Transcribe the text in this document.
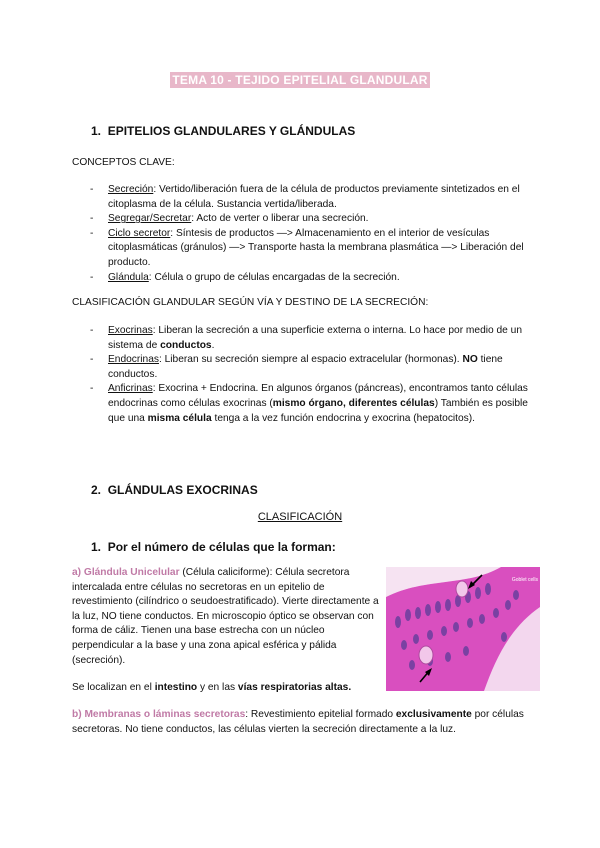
TEMA 10 - TEJIDO EPITELIAL GLANDULAR
1. EPITELIOS GLANDULARES Y GLÁNDULAS
CONCEPTOS CLAVE:
- Secreción: Vertido/liberación fuera de la célula de productos previamente sintetizados en el citoplasma de la célula. Sustancia vertida/liberada.
- Segregar/Secretar: Acto de verter o liberar una secreción.
- Ciclo secretor: Síntesis de productos —> Almacenamiento en el interior de vesículas citoplasmáticas (gránulos) —> Transporte hasta la membrana plasmática —> Liberación del producto.
- Glándula: Célula o grupo de células encargadas de la secreción.
CLASIFICACIÓN GLANDULAR SEGÚN VÍA Y DESTINO DE LA SECRECIÓN:
- Exocrinas: Liberan la secreción a una superficie externa o interna. Lo hace por medio de un sistema de conductos.
- Endocrinas: Liberan su secreción siempre al espacio extracelular (hormonas). NO tiene conductos.
- Anficrinas: Exocrina + Endocrina. En algunos órganos (páncreas), encontramos tanto células endocrinas como células exocrinas (mismo órgano, diferentes células) También es posible que una misma célula tenga a la vez función endocrina y exocrina (hepatocitos).
2. GLÁNDULAS EXOCRINAS
CLASIFICACIÓN
1. Por el número de células que la forman:
a) Glándula Unicelular (Célula caliciforme): Célula secretora intercalada entre células no secretoras en un epitelio de revestimiento (cilíndrico o seudoestratificado). Vierte directamente a la luz, NO tiene conductos. En microscopio óptico se observan con forma de cáliz. Tienen una base estrecha con un núcleo perpendicular a la base y una zona apical esférica y pálida (secreción).
Se localizan en el intestino y en las vías respiratorias altas.
Goblet cells
b) Membranas o láminas secretoras: Revestimiento epitelial formado exclusivamente por células secretoras. No tiene conductos, las células vierten la secreción directamente a la luz.
